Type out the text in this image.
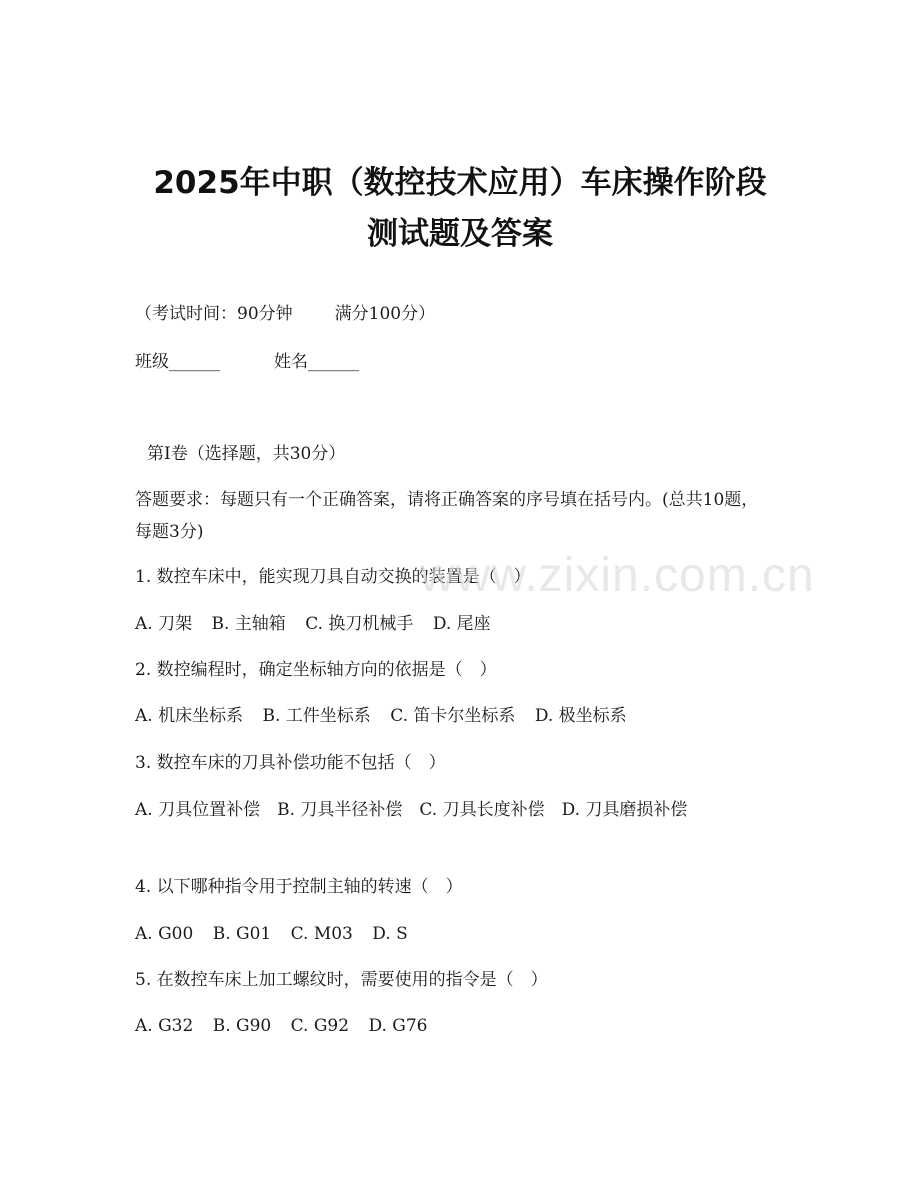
2025年中职（数控技术应用）车床操作阶段
测试题及答案
（考试时间：90分钟 满分100分）
班级______	姓名______
第Ⅰ卷（选择题，共30分）
答题要求：每题只有一个正确答案，请将正确答案的序号填在括号内。(总共10题，每题3分)
1. 数控车床中，能实现刀具自动交换的装置是（　）
A. 刀架 B. 主轴箱 C. 换刀机械手 D. 尾座
2. 数控编程时，确定坐标轴方向的依据是（　）
A. 机床坐标系 B. 工件坐标系 C. 笛卡尔坐标系 D. 极坐标系
3. 数控车床的刀具补偿功能不包括（　）
A. 刀具位置补偿　B. 刀具半径补偿　C. 刀具长度补偿　D. 刀具磨损补偿
4. 以下哪种指令用于控制主轴的转速（　）
A. G00 B. G01 C. M03 D. S
5. 在数控车床上加工螺纹时，需要使用的指令是（　）
A. G32 B. G90 C. G92 D. G76
www.zixin.com.cn
